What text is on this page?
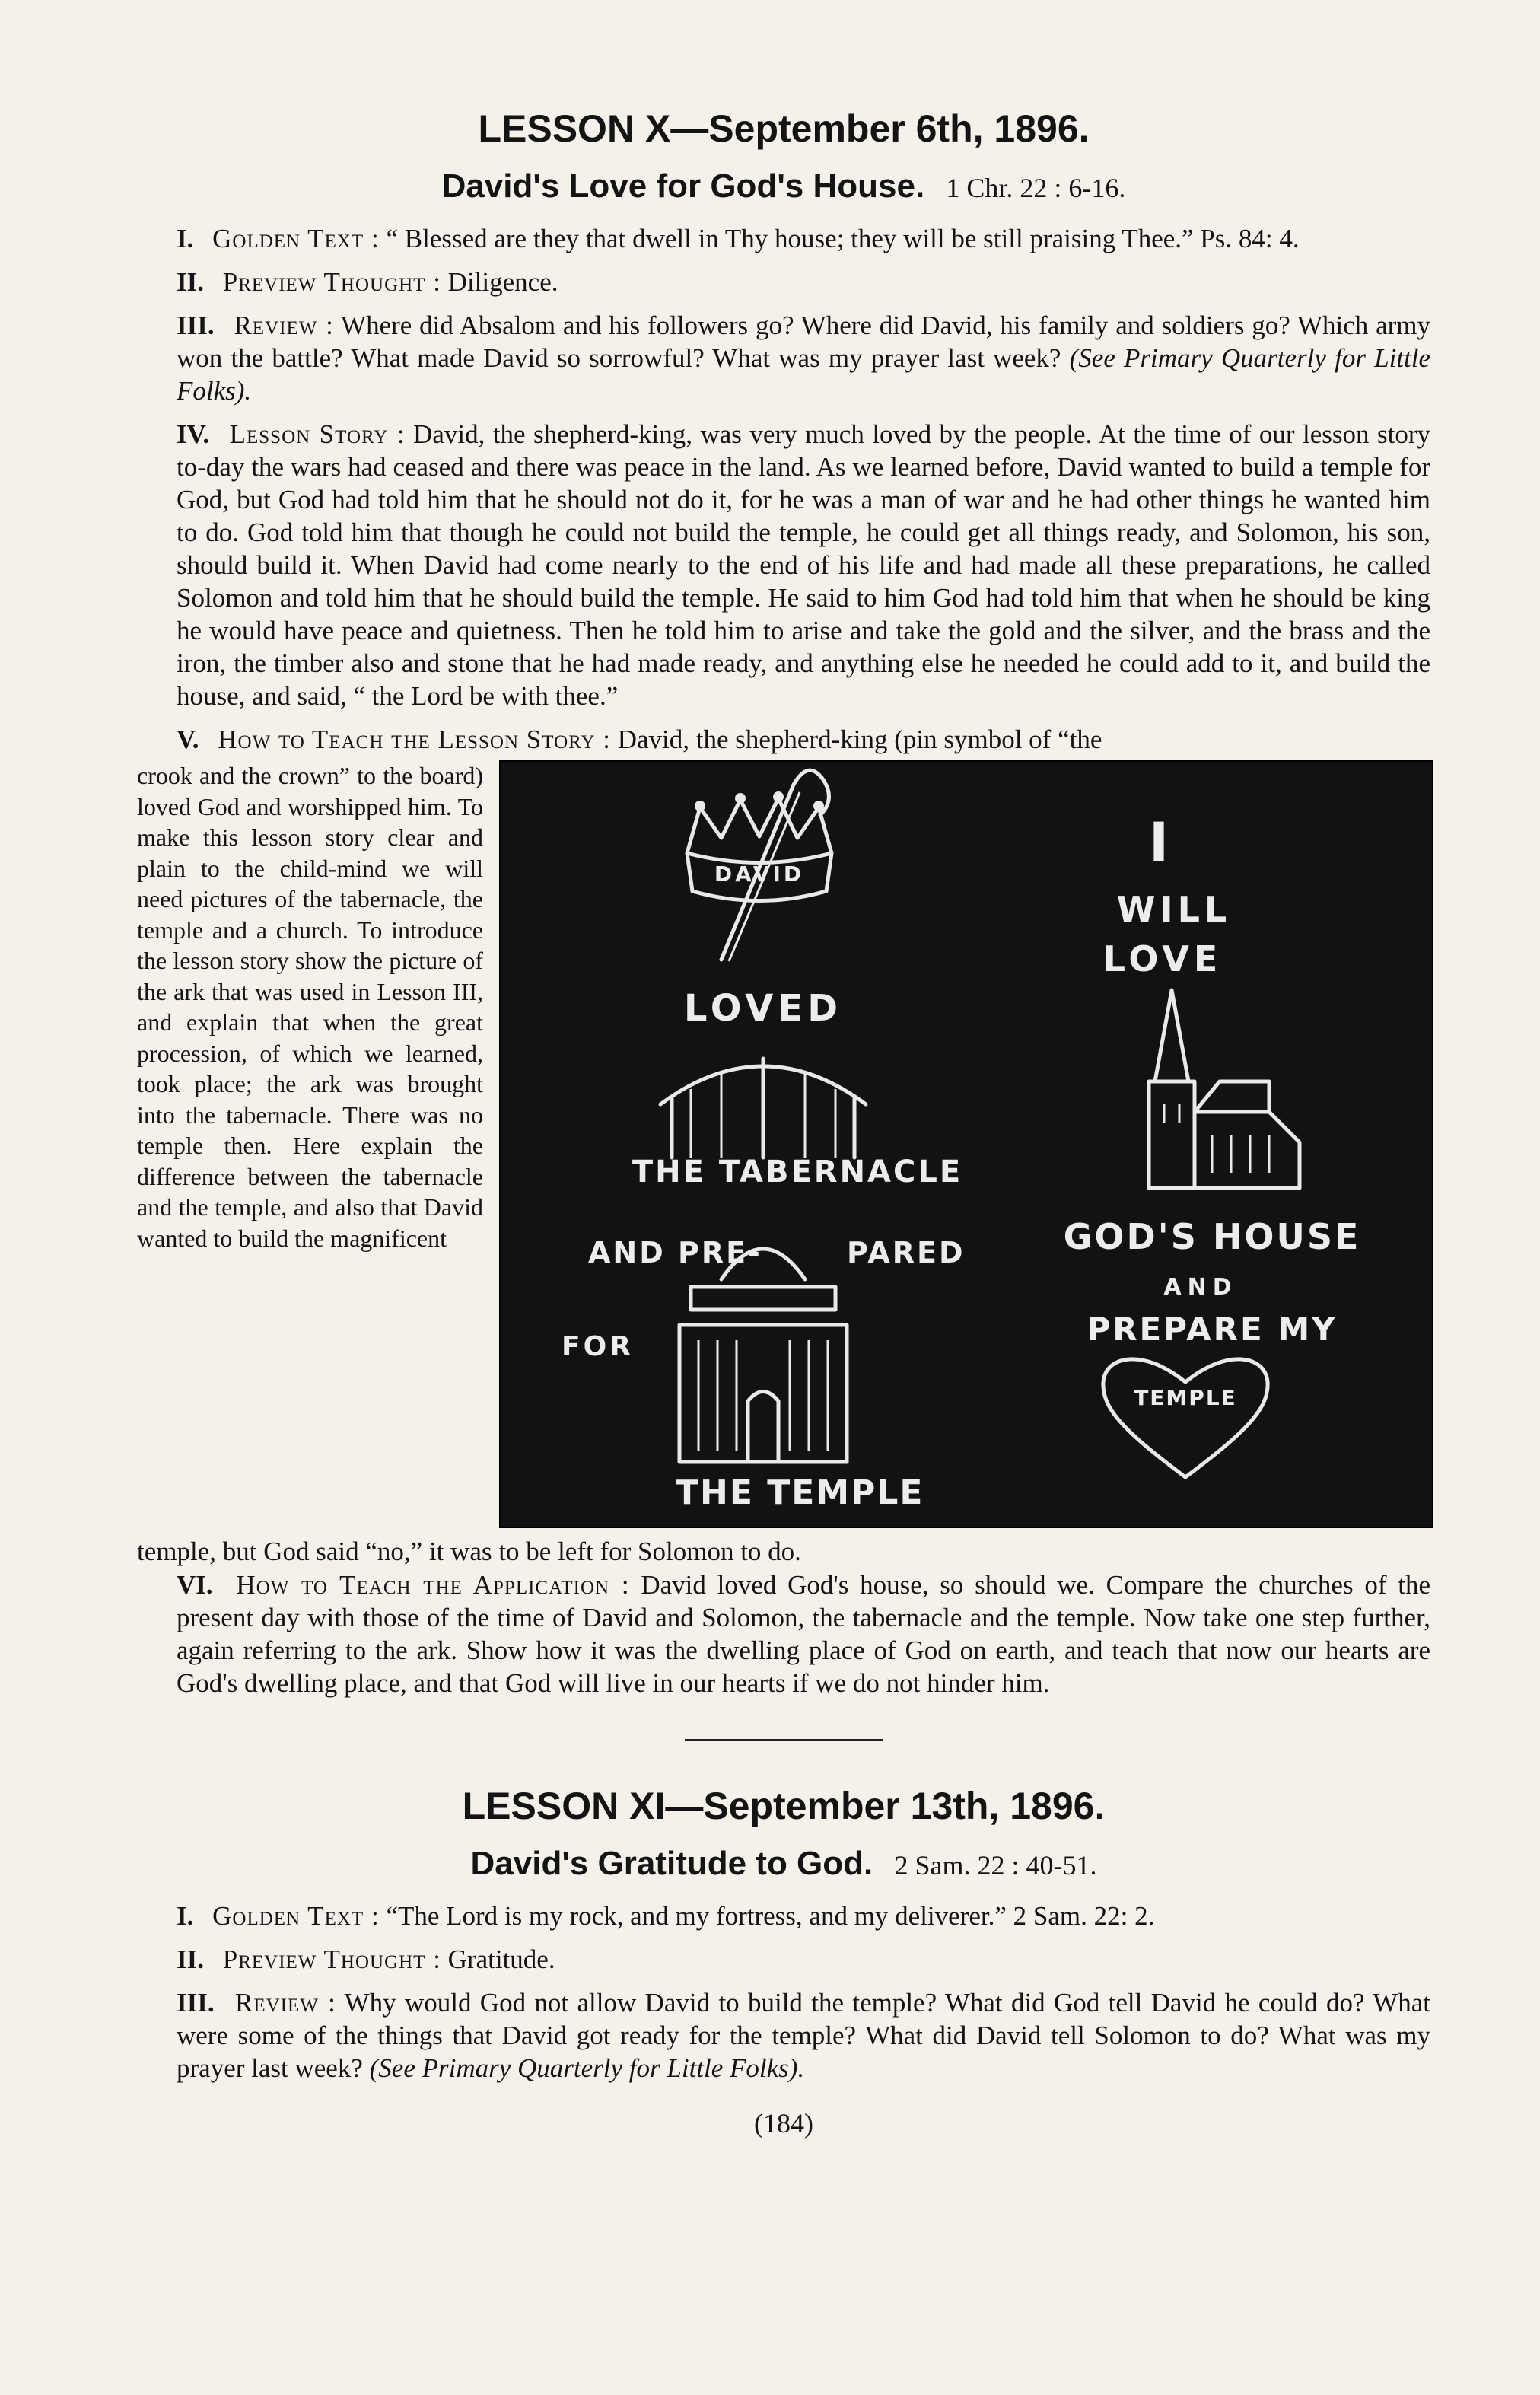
LESSON X—September 6th, 1896.
David's Love for God's House. 1 Chr. 22 : 6-16.

I. Golden Text : “ Blessed are they that dwell in Thy house; they will be still praising Thee.” Ps. 84: 4.

II. Preview Thought : Diligence.

III. Review : Where did Absalom and his followers go? Where did David, his family and soldiers go? Which army won the battle? What made David so sorrowful? What was my prayer last week? (See Primary Quarterly for Little Folks).

IV. Lesson Story : David, the shepherd-king, was very much loved by the people. At the time of our lesson story to-day the wars had ceased and there was peace in the land. As we learned before, David wanted to build a temple for God, but God had told him that he should not do it, for he was a man of war and he had other things he wanted him to do. God told him that though he could not build the temple, he could get all things ready, and Solomon, his son, should build it. When David had come nearly to the end of his life and had made all these preparations, he called Solomon and told him that he should build the temple. He said to him God had told him that when he should be king he would have peace and quietness. Then he told him to arise and take the gold and the silver, and the brass and the iron, the timber also and stone that he had made ready, and anything else he needed he could add to it, and build the house, and said, “ the Lord be with thee.”

V. How to Teach the Lesson Story : David, the shepherd-king (pin symbol of “the

crook and the crown” to the board) loved God and worshipped him. To make this lesson story clear and plain to the child-mind we will need pictures of the tabernacle, the temple and a church. To introduce the lesson story show the picture of the ark that was used in Lesson III, and explain that when the great procession, of which we learned, took place; the ark was brought into the tabernacle. There was no temple then. Here explain the difference between the tabernacle and the temple, and also that David wanted to build the magnificent
DAVID
LOVED
THE TABERNACLE
AND PRE-	PARED
FOR
THE TEMPLE
I
WILL
LOVE
GOD'S HOUSE
AND
PREPARE MY
TEMPLE

temple, but God said “no,” it was to be left for Solomon to do.

VI. How to Teach the Application : David loved God's house, so should we. Compare the churches of the present day with those of the time of David and Solomon, the tabernacle and the temple. Now take one step further, again referring to the ark. Show how it was the dwelling place of God on earth, and teach that now our hearts are God's dwelling place, and that God will live in our hearts if we do not hinder him.

LESSON XI—September 13th, 1896.
David's Gratitude to God. 2 Sam. 22 : 40-51.

I. Golden Text : “The Lord is my rock, and my fortress, and my deliverer.” 2 Sam. 22: 2.

II. Preview Thought : Gratitude.

III. Review : Why would God not allow David to build the temple? What did God tell David he could do? What were some of the things that David got ready for the temple? What did David tell Solomon to do? What was my prayer last week? (See Primary Quarterly for Little Folks).

(184)
